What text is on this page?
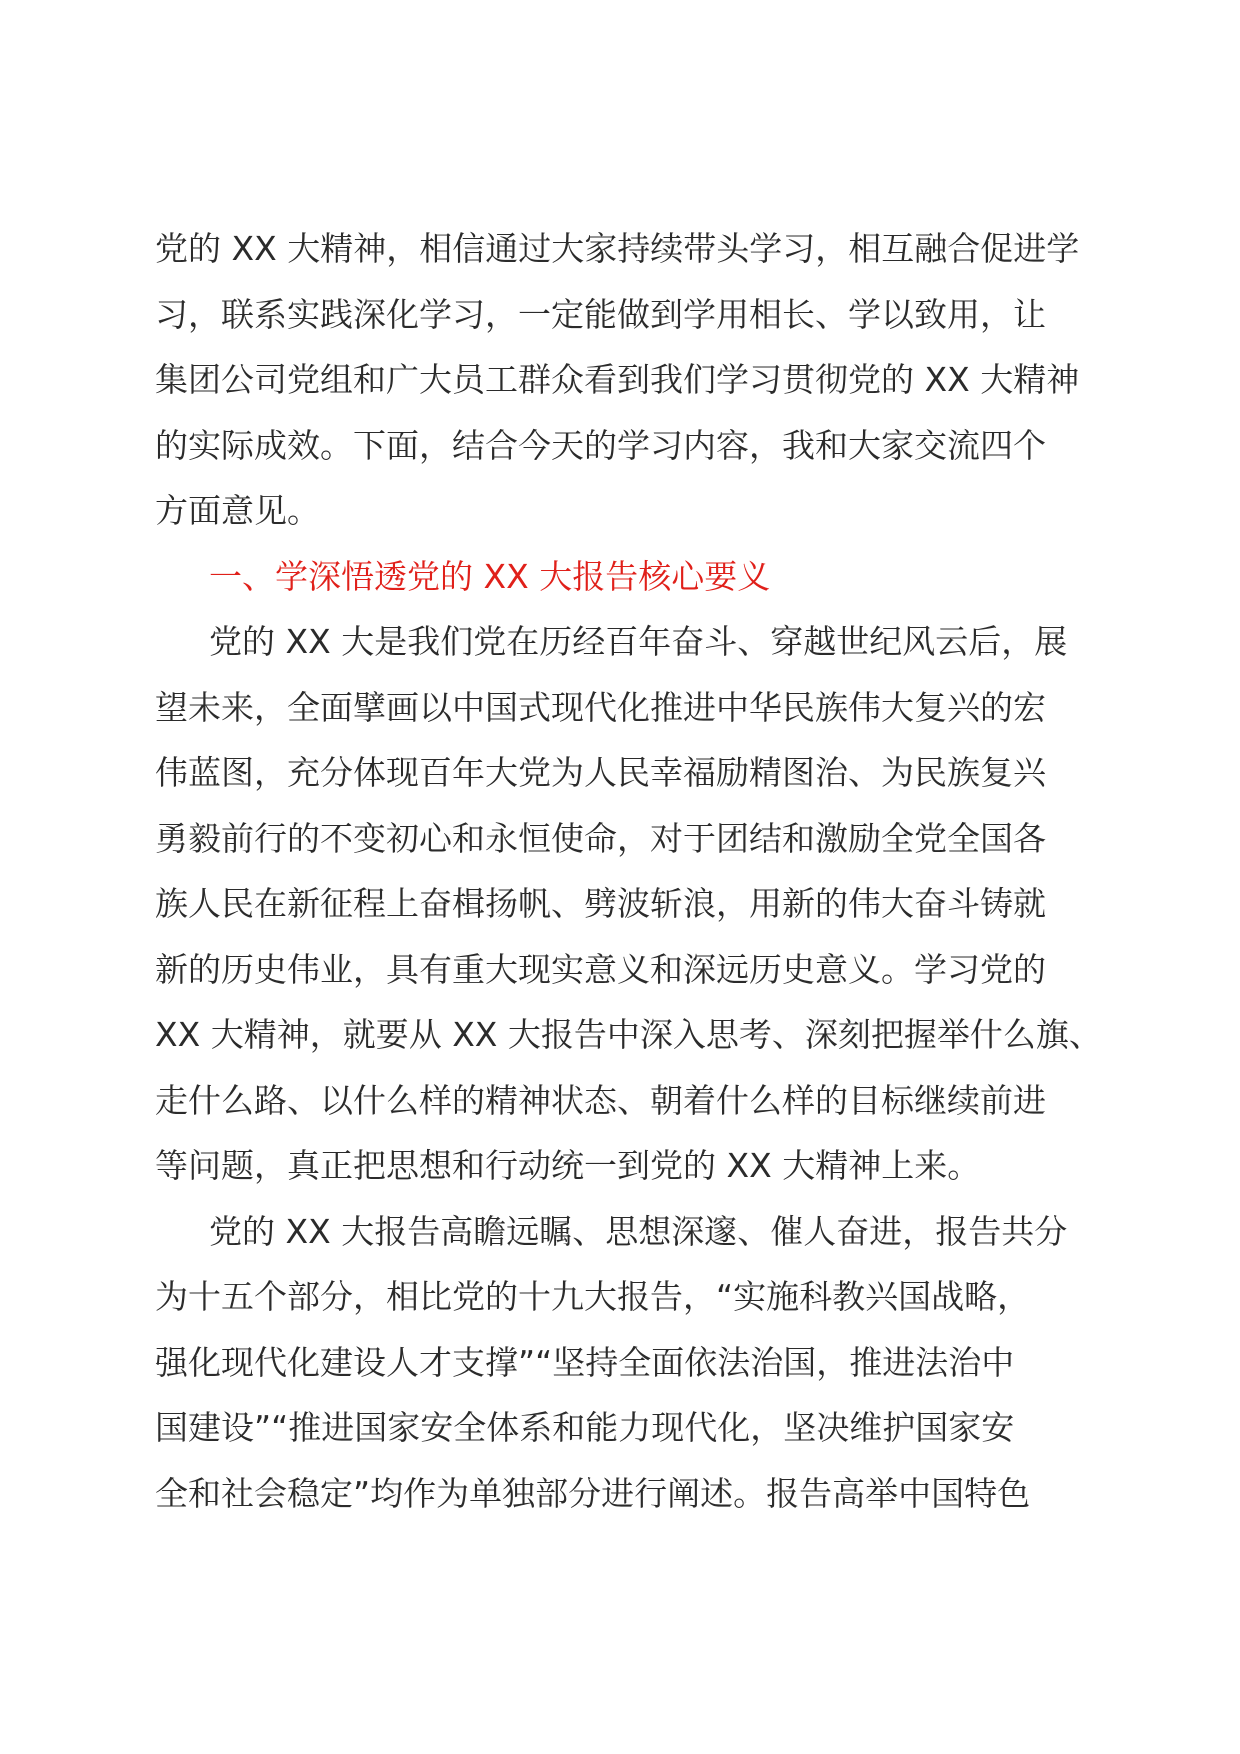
党的 XX 大精神，相信通过大家持续带头学习，相互融合促进学
习，联系实践深化学习，一定能做到学用相长、学以致用，让
集团公司党组和广大员工群众看到我们学习贯彻党的 XX 大精神
的实际成效。下面，结合今天的学习内容，我和大家交流四个
方面意见。
一、学深悟透党的 XX 大报告核心要义
党的 XX 大是我们党在历经百年奋斗、穿越世纪风云后，展
望未来，全面擘画以中国式现代化推进中华民族伟大复兴的宏
伟蓝图，充分体现百年大党为人民幸福励精图治、为民族复兴
勇毅前行的不变初心和永恒使命，对于团结和激励全党全国各
族人民在新征程上奋楫扬帆、劈波斩浪，用新的伟大奋斗铸就
新的历史伟业，具有重大现实意义和深远历史意义。学习党的
XX 大精神，就要从 XX 大报告中深入思考、深刻把握举什么旗、
走什么路、以什么样的精神状态、朝着什么样的目标继续前进
等问题，真正把思想和行动统一到党的 XX 大精神上来。
党的 XX 大报告高瞻远瞩、思想深邃、催人奋进，报告共分
为十五个部分，相比党的十九大报告，“实施科教兴国战略，
强化现代化建设人才支撑”“坚持全面依法治国，推进法治中
国建设”“推进国家安全体系和能力现代化，坚决维护国家安
全和社会稳定”均作为单独部分进行阐述。报告高举中国特色
